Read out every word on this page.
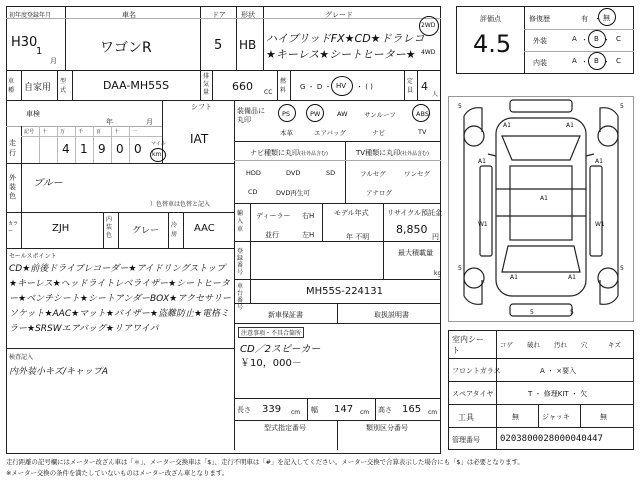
初年度登録年月
H30
1
月
車名
ワゴンR
ドア
5
形状
HB
グレード
ハイブリッドFX★CD★ドラレコ
★キーレス★シートヒーター★
2WD
4WD
車種	自家用
型式	DAA-MH55S
排気量 660 CC
燃料	G ・ D ・ HV ・ ( )
定員 4
人
車検
年	月
シフト
IAT
走行
記号 十	万	千	百	十	一
4 1 9 0 0 マイル
km
外装色
ブルー
）色替車は色替と記入
カラー	ZJH
内装色	グレー
冷房
AAC
セールスポイント
CD★前後ドライブレコーダー★アイドリングストップ★キーレス★ヘッドライトレベライザー★シートヒーター★ベンチシート★シートアンダーBOX★アクセサリーソケット★AAC★マット★バイザー★盗難防止★電格ミラー★SRSWエアバッグ★リアワイパ
検査記入
内外装小キズ/キャップA
装備品に丸印
PS	PW	AW	サンルーフ	ABS
本革	エアバッグ	ナビ	TV
ナビ種類に丸印(社外品含む)	TV種類に丸印(社外品含む)
HDD	DVD	SD
CD	DVD再生可
フルセグ	ワンセグ
アナログ
輸入車
ディーラー
並行
右H
左H
モデル年式
年 不明
リサイクル預託金
8,850
円
最大積載量
kg
登録番号
車台番号
MH55S-224131
新車保証書	取扱説明書
注意事項・不具合箇所
CD／2スピーカー
￥10，000－
長さ 339 cm 幅 147 cm 高さ 165 cm
型式指定番号	類別区分番号
評価点
4.5
修復歴	有 ・ 無
外装	A ・ B ・ C
内装	A ・ B ・ C
5	5
5	5
5	5
A1	A1
A1	A1
A1
W1	W1
A1	A1
室内シート
コゲ 破れ 汚れ 穴	キズ
フロントガラス	A ・ ×要入
スペアタイヤ	T ・ 修理KIT ・ 欠
工具	無	ジャッキ	無
管理番号 0203800028000040447
走行距離の記号欄にはメーター改ざん車は「＊」、メーター交換車は「$」、走行不明車は「#」を記入してください。メーター交換で合算表示した場合にも「$」は必要となります。
※メーター交換の条件を満たしていないものはメーター改ざん車となります。
